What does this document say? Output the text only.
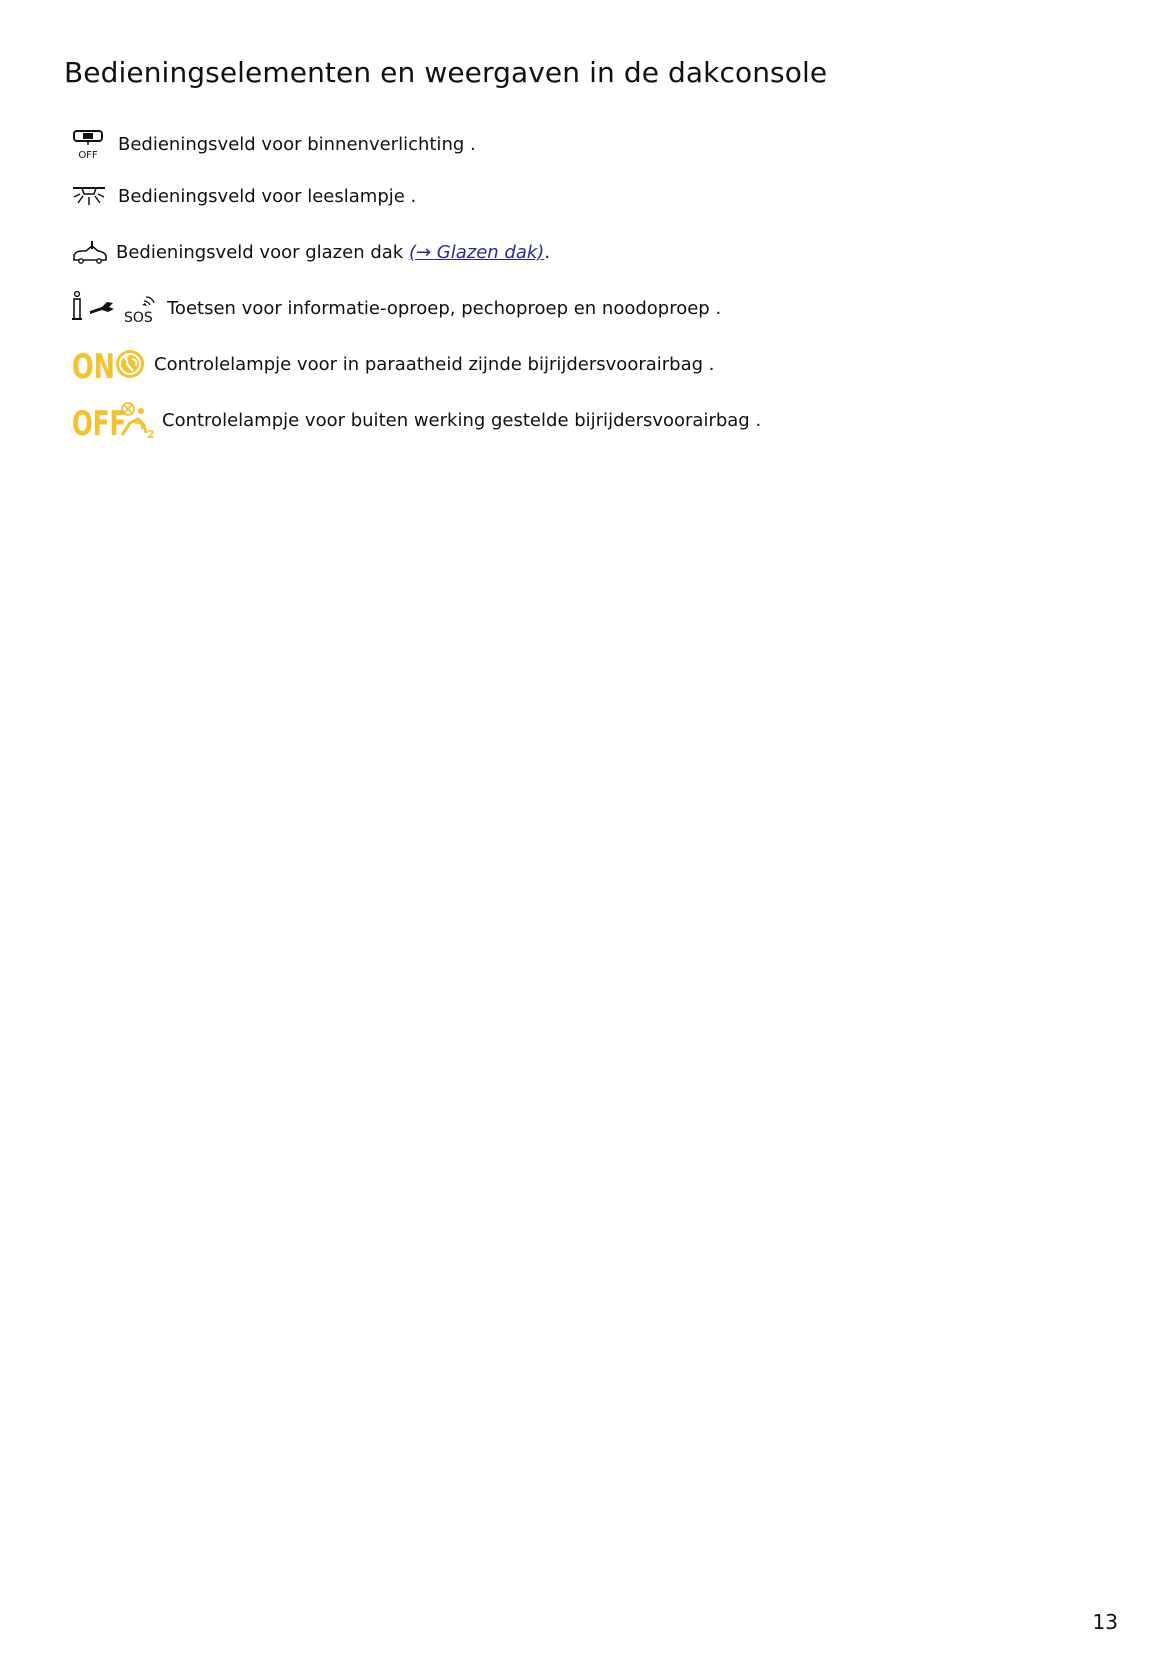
Bedieningselementen en weergaven in de dakconsole
OFF
Bedieningsveld voor binnenverlichting .
Bedieningsveld voor leeslampje .
Bedieningsveld voor glazen dak (→ Glazen dak).
SOS Toetsen voor informatie-oproep, pechoproep en noodoproep .
ON Controlelampje voor in paraatheid zijnde bijrijdersvoorairbag .
OFF 2
Controlelampje voor buiten werking gestelde bijrijdersvoorairbag .
13
